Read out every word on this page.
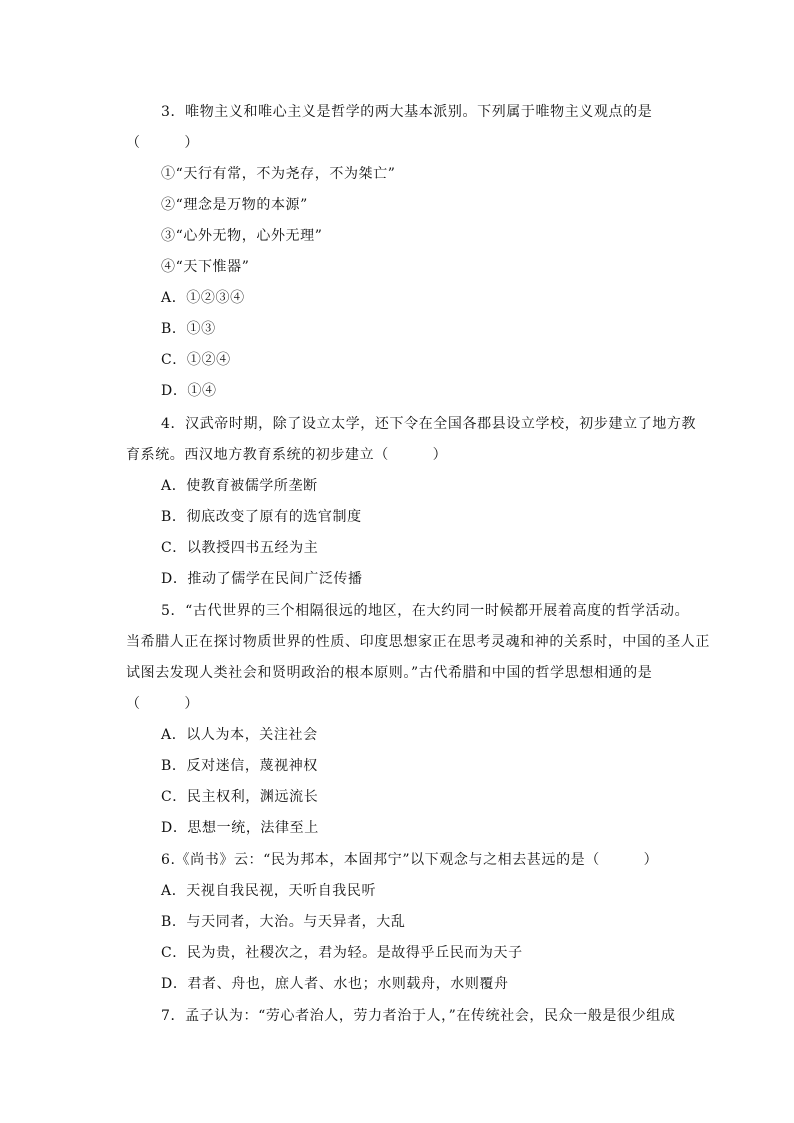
3．唯物主义和唯心主义是哲学的两大基本派别。下列属于唯物主义观点的是
（　　　）
①“天行有常，不为尧存，不为桀亡”
②“理念是万物的本源”
③“心外无物，心外无理”
④“天下惟器”
A．①②③④
B．①③
C．①②④
D．①④
4．汉武帝时期，除了设立太学，还下令在全国各郡县设立学校，初步建立了地方教
育系统。西汉地方教育系统的初步建立（　　　）
A．使教育被儒学所垄断
B．彻底改变了原有的选官制度
C．以教授四书五经为主
D．推动了儒学在民间广泛传播
5．“古代世界的三个相隔很远的地区，在大约同一时候都开展着高度的哲学活动。
当希腊人正在探讨物质世界的性质、印度思想家正在思考灵魂和神的关系时，中国的圣人正
试图去发现人类社会和贤明政治的根本原则。”古代希腊和中国的哲学思想相通的是
（　　　）
A．以人为本，关注社会
B．反对迷信，蔑视神权
C．民主权利，渊远流长
D．思想一统，法律至上
6.《尚书》云：“民为邦本，本固邦宁”以下观念与之相去甚远的是（　　　）
A．天视自我民视，天听自我民听
B．与天同者，大治。与天异者，大乱
C．民为贵，社稷次之，君为轻。是故得乎丘民而为天子
D．君者、舟也，庶人者、水也；水则载舟，水则覆舟
7．孟子认为：“劳心者治人，劳力者治于人，”在传统社会，民众一般是很少组成
